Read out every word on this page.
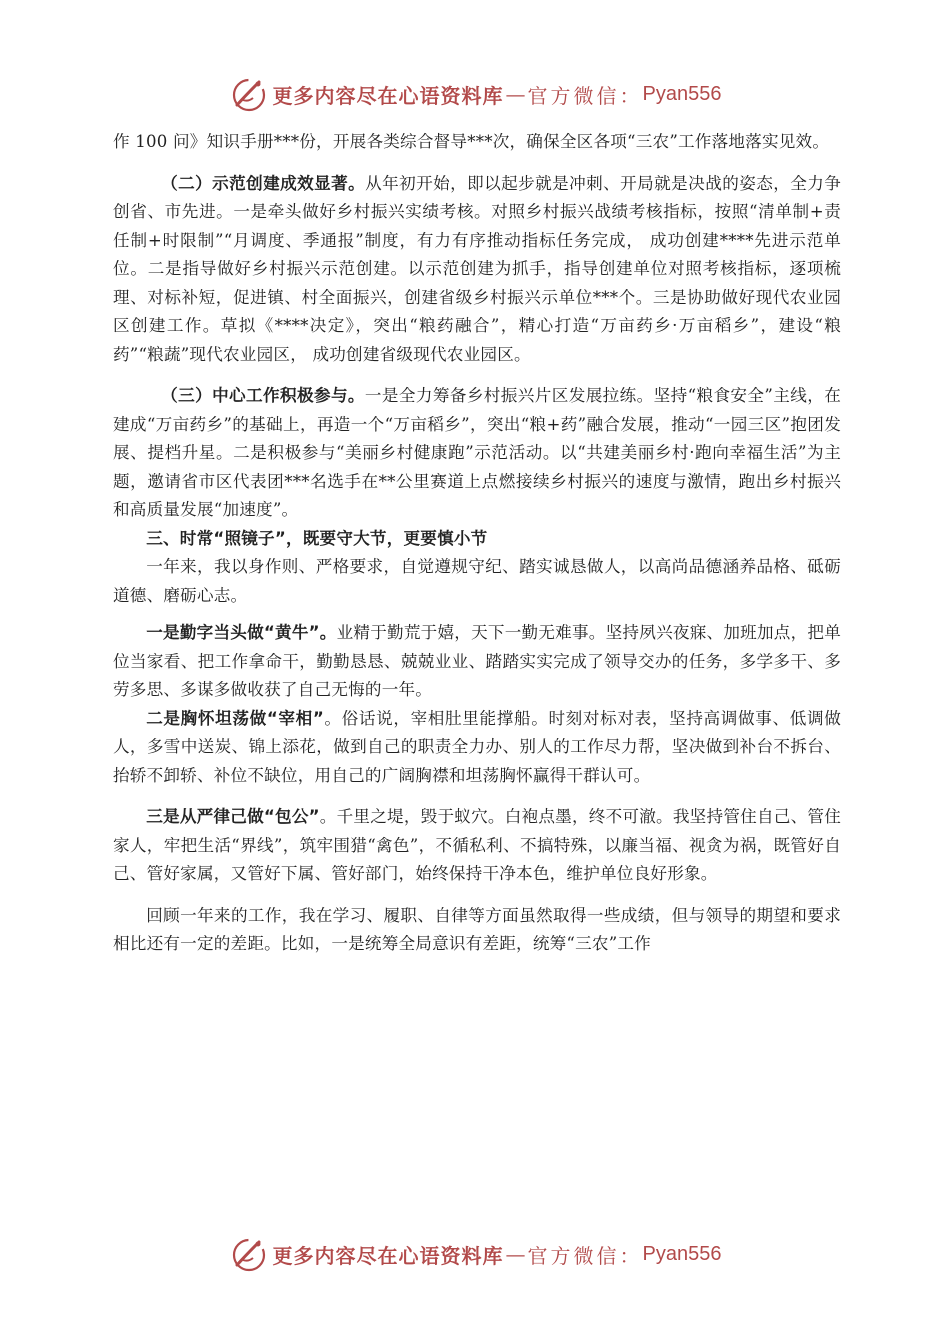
更多内容尽在心语资料库 — 官方微信： Pyan556

作 100 问》知识手册***份，开展各类综合督导***次，确保全区各项“三农”工作落地落实见效。

（二）示范创建成效显著。从年初开始，即以起步就是冲刺、开局就是决战的姿态，全力争创省、市先进。一是牵头做好乡村振兴实绩考核。对照乡村振兴战绩考核指标，按照“清单制+责任制+时限制”“月调度、季通报”制度，有力有序推动指标任务完成， 成功创建****先进示范单位。二是指导做好乡村振兴示范创建。以示范创建为抓手，指导创建单位对照考核指标，逐项梳理、对标补短，促进镇、村全面振兴，创建省级乡村振兴示单位***个。三是协助做好现代农业园区创建工作。草拟《****决定》，突出“粮药融合”，精心打造“万亩药乡·万亩稻乡”，建设“粮药”“粮蔬”现代农业园区， 成功创建省级现代农业园区。

（三）中心工作积极参与。一是全力筹备乡村振兴片区发展拉练。坚持“粮食安全”主线，在建成“万亩药乡”的基础上，再造一个“万亩稻乡”，突出“粮+药”融合发展，推动“一园三区”抱团发展、提档升星。二是积极参与“美丽乡村健康跑”示范活动。以“共建美丽乡村·跑向幸福生活”为主题，邀请省市区代表团***名选手在**公里赛道上点燃接续乡村振兴的速度与激情，跑出乡村振兴和高质量发展“加速度”。

三、时常“照镜子”，既要守大节，更要慎小节

一年来，我以身作则、严格要求，自觉遵规守纪、踏实诚恳做人，以高尚品德涵养品格、砥砺道德、磨砺心志。

一是勤字当头做“黄牛”。业精于勤荒于嬉，天下一勤无难事。坚持夙兴夜寐、加班加点，把单位当家看、把工作拿命干，勤勤恳恳、兢兢业业、踏踏实实完成了领导交办的任务，多学多干、多劳多思、多谋多做收获了自己无悔的一年。

二是胸怀坦荡做“宰相”。俗话说，宰相肚里能撑船。时刻对标对表，坚持高调做事、低调做人，多雪中送炭、锦上添花，做到自己的职责全力办、别人的工作尽力帮，坚决做到补台不拆台、抬轿不卸轿、补位不缺位，用自己的广阔胸襟和坦荡胸怀赢得干群认可。

三是从严律己做“包公”。千里之堤，毁于蚁穴。白袍点墨，终不可澈。我坚持管住自己、管住家人，牢把生活“界线”，筑牢围猎“禽色”，不循私利、不搞特殊，以廉当福、视贪为祸，既管好自己、管好家属，又管好下属、管好部门，始终保持干净本色，维护单位良好形象。

回顾一年来的工作，我在学习、履职、自律等方面虽然取得一些成绩，但与领导的期望和要求相比还有一定的差距。比如，一是统筹全局意识有差距，统筹“三农”工作

更多内容尽在心语资料库 — 官方微信： Pyan556
